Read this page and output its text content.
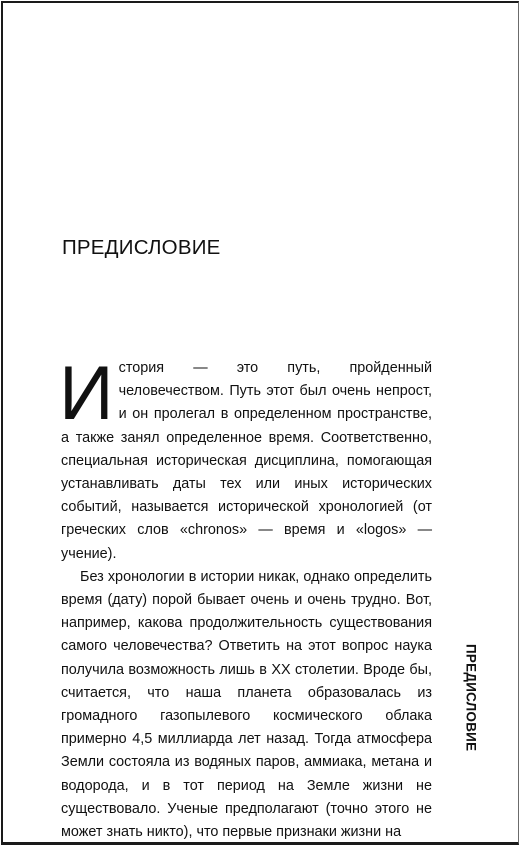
ПРЕДИСЛОВИЕ

И стория — это путь, пройденный человечеством. Путь этот был очень непрост, и он пролегал в определенном пространстве, а также занял определенное время. Соответственно, специальная историческая дисциплина, помогающая устанавливать даты тех или иных исторических событий, называется исторической хронологией (от греческих слов «chronos» — время и «logos» — учение).

Без хронологии в истории никак, однако определить время (дату) порой бывает очень и очень трудно. Вот, например, какова продолжительность существования самого человечества? Ответить на этот вопрос наука получила возможность лишь в XX столетии. Вроде бы, считается, что наша планета образовалась из громадного газопылевого космического облака примерно 4,5 миллиарда лет назад. Тогда атмосфера Земли состояла из водяных паров, аммиака, метана и водорода, и в тот период на Земле жизни не существовало. Ученые предполагают (точно этого не может знать никто), что первые признаки жизни на

ПРЕДИСЛОВИЕ
